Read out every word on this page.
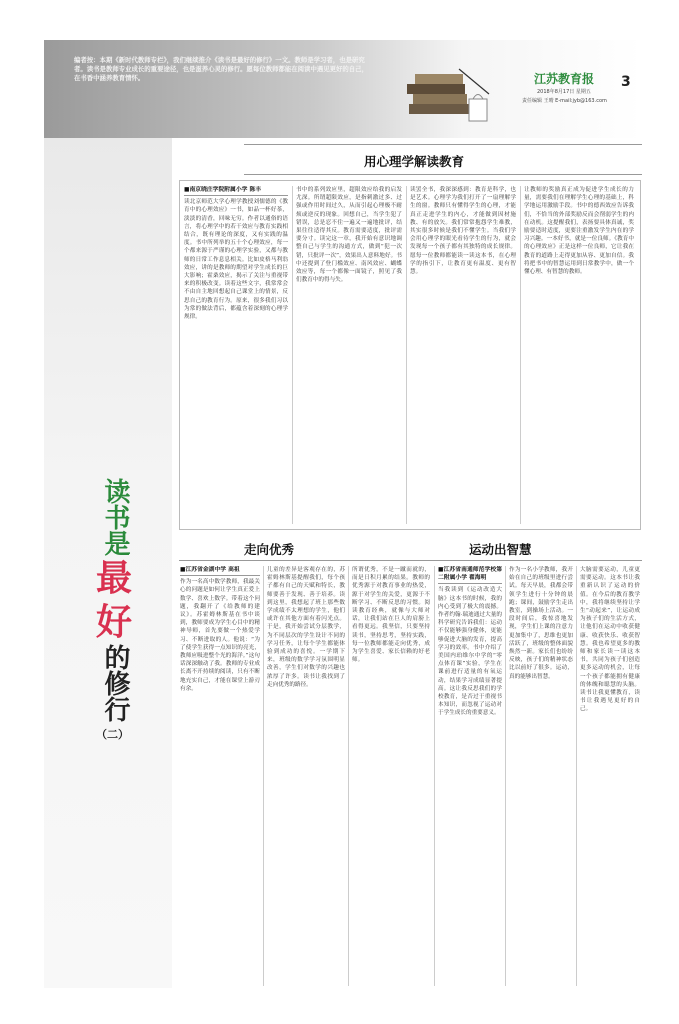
编者按：本期《新时代教师专栏》，我们继续推介《读书是最好的修行》一文。教师是学习者，也是研究者。读书是教师专业成长的重要途径，也是滋养心灵的修行。愿每位教师都能在阅读中遇见更好的自己，在书香中涵养教育情怀。	江苏教育报 3
2018年8月17日 星期五
责任编辑 王晴 E-mail:jyb@163.com
读书是
最
好
的修行
（二）
用心理学解读教育
■南京晓庄学院附属小学 陈丰
读北京师范大学心理学教授刘儒德的《教育中的心理效应》一书，如品一杯好茶，淡淡的清香，回味无穷。作者以通俗的语言，将心理学中的若干效应与教育实践相结合，既有理论的深度，又有实践的温度。书中所列举的五十个心理效应，每一个都来源于严谨的心理学实验，又都与教师的日常工作息息相关。比如皮格马利翁效应，讲的是教师的期望对学生成长的巨大影响；霍桑效应，揭示了关注与重视带来的积极改变。读着这些文字，我常常会不由自主地回想起自己课堂上的情景，反思自己的教育行为。原来，很多我们习以为常的做法背后，都蕴含着深刻的心理学规律。
书中的系列效应里，超限效应给我的启发尤深。所谓超限效应，是指刺激过多、过强或作用时间过久，从而引起心理极不耐烦或逆反的现象。回想自己，当学生犯了错误，总是忍不住一遍又一遍地批评，结果往往适得其反。教育需要适度，批评需要分寸。读完这一章，我开始有意识地调整自己与学生的沟通方式，做到“犯一次错，只批评一次”，效果出人意料地好。书中还提到了登门槛效应、南风效应、蝴蝶效应等，每一个都像一面镜子，照见了我们教育中的得与失。
读罢全书，我深深感到：教育是科学，也是艺术。心理学为我们打开了一扇理解学生的窗。教师只有懂得学生的心理，才能真正走进学生的内心，才能做到因材施教、有的放矢。我们常常抱怨学生难教，其实很多时候是我们不懂学生。当我们学会用心理学的眼光看待学生的行为，就会发现每一个孩子都有其独特的成长规律。愿每一位教师都能读一读这本书，在心理学的指引下，让教育更有温度、更有智慧。
让教师的奖励真正成为促进学生成长的力量，需要我们在理解学生心理的基础上，科学地运用激励手段。书中的德西效应告诉我们，不恰当的外部奖励反而会削弱学生的内在动机。这提醒我们，表扬要具体真诚，奖励要适时适度，更要注重激发学生内在的学习兴趣。一本好书，就是一位良师。《教育中的心理效应》正是这样一位良师，它让我在教育的道路上走得更加从容、更加自信。我将把书中的智慧运用到日常教学中，做一个懂心理、有智慧的教师。
走向优秀	运动出智慧
■江苏省金湖中学 高祖
作为一名高中数学教师，我最关心的问题是如何让学生真正爱上数学、喜欢上数学。带着这个问题，我翻开了《给教师的建议》。苏霍姆林斯基在书中谈到，教师要成为学生心目中的精神导师，首先要做一个热爱学习、不断进取的人。他说：“为了使学生获得一点知识的亮光，教师应吸进整个光的海洋。”这句话深深触动了我。教师的专业成长离不开持续的阅读，只有不断地充实自己，才能在课堂上游刃有余。
儿童的差异是客观存在的，苏霍姆林斯基提醒我们，每个孩子都有自己的天赋和特长，教师要善于发现、善于培养。读到这里，我想起了班上那些数学成绩不太理想的学生，他们或许在其他方面有着闪光点。于是，我开始尝试分层教学，为不同层次的学生设计不同的学习任务，让每个学生都能体验到成功的喜悦。一学期下来，班级的数学学习氛围明显改善，学生们对数学的兴趣也浓厚了许多。读书让我找到了走向优秀的路径。
所谓优秀，不是一蹴而就的，而是日积月累的结果。教师的优秀源于对教育事业的热爱，源于对学生的关爱，更源于不断学习、不断反思的习惯。阅读教育经典，就像与大师对话，让我们站在巨人的肩膀上看得更远。我坚信，只要坚持读书，坚持思考，坚持实践，每一位教师都能走向优秀，成为学生喜爱、家长信赖的好老师。
■江苏省南通师范学校第二附属小学 翟海明
当我读到《运动改造大脑》这本书的时候，我的内心受到了极大的震撼。作者约翰·瑞迪通过大量的科学研究告诉我们：运动不仅能够强身健体，更能够促进大脑的发育，提高学习的效率。书中介绍了美国内珀维尔中学的“零点体育课”实验，学生在课前进行适量的有氧运动，结果学习成绩显著提高。这让我反思我们的学校教育，是否过于重视书本知识，而忽视了运动对于学生成长的重要意义。
作为一名小学教师，我开始在自己的班级里进行尝试。每天早晨，我都会带领学生进行十分钟的晨跑；课间，鼓励学生走出教室，到操场上活动。一段时间后，我惊喜地发现，学生们上课的注意力更加集中了，思维也更加活跃了，班级的整体面貌焕然一新。家长们也纷纷反映，孩子们的精神状态比以前好了很多。运动，真的能够出智慧。
大脑需要运动，儿童更需要运动。这本书让我重新认识了运动的价值。在今后的教育教学中，我将继续坚持让学生“动起来”，让运动成为孩子们的生活方式，让他们在运动中收获健康、收获快乐、收获智慧。我也希望更多的教师和家长读一读这本书，共同为孩子们创造更多运动的机会，让每一个孩子都能拥有健康的体魄和聪慧的头脑。读书让我更懂教育，读书让我遇见更好的自己。
